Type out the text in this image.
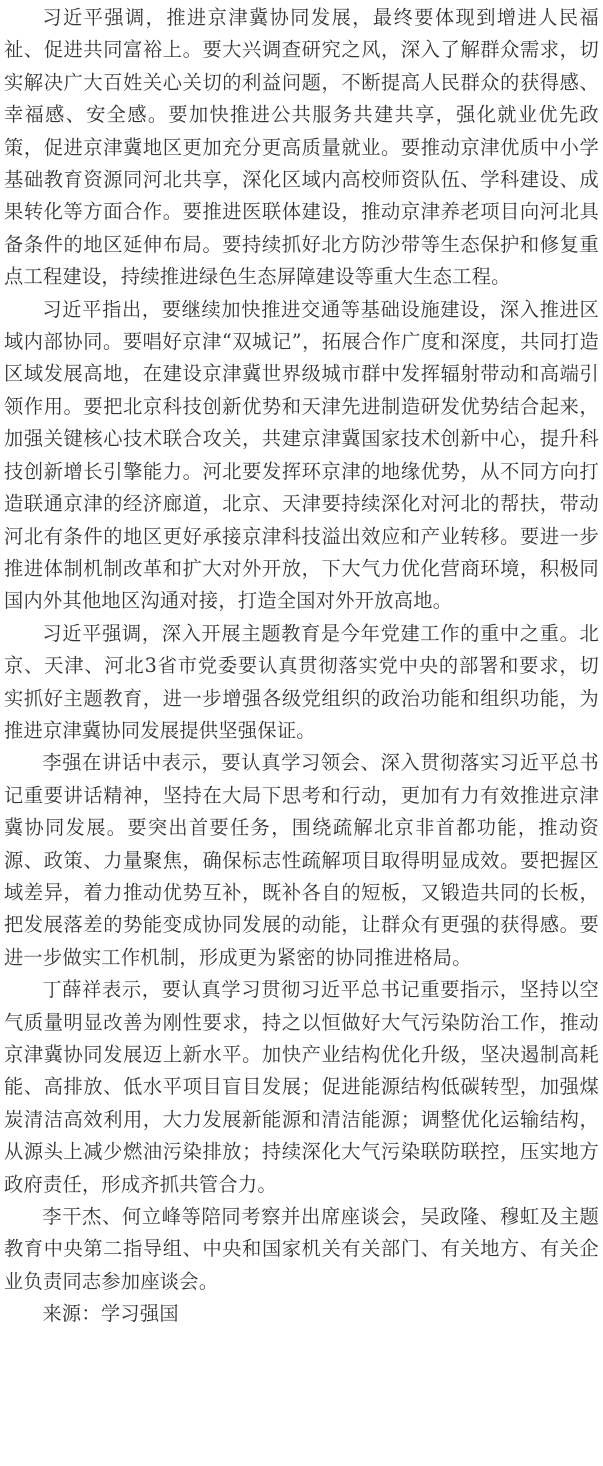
习近平强调，推进京津冀协同发展，最终要体现到增进人民福祉、促进共同富裕上。要大兴调查研究之风，深入了解群众需求，切实解决广大百姓关心关切的利益问题，不断提高人民群众的获得感、幸福感、安全感。要加快推进公共服务共建共享，强化就业优先政策，促进京津冀地区更加充分更高质量就业。要推动京津优质中小学基础教育资源同河北共享，深化区域内高校师资队伍、学科建设、成果转化等方面合作。要推进医联体建设，推动京津养老项目向河北具备条件的地区延伸布局。要持续抓好北方防沙带等生态保护和修复重点工程建设，持续推进绿色生态屏障建设等重大生态工程。

习近平指出，要继续加快推进交通等基础设施建设，深入推进区域内部协同。要唱好京津“双城记”，拓展合作广度和深度，共同打造区域发展高地，在建设京津冀世界级城市群中发挥辐射带动和高端引领作用。要把北京科技创新优势和天津先进制造研发优势结合起来，加强关键核心技术联合攻关，共建京津冀国家技术创新中心，提升科技创新增长引擎能力。河北要发挥环京津的地缘优势，从不同方向打造联通京津的经济廊道，北京、天津要持续深化对河北的帮扶，带动河北有条件的地区更好承接京津科技溢出效应和产业转移。要进一步推进体制机制改革和扩大对外开放，下大气力优化营商环境，积极同国内外其他地区沟通对接，打造全国对外开放高地。

习近平强调，深入开展主题教育是今年党建工作的重中之重。北京、天津、河北3省市党委要认真贯彻落实党中央的部署和要求，切实抓好主题教育，进一步增强各级党组织的政治功能和组织功能，为推进京津冀协同发展提供坚强保证。

李强在讲话中表示，要认真学习领会、深入贯彻落实习近平总书记重要讲话精神，坚持在大局下思考和行动，更加有力有效推进京津冀协同发展。要突出首要任务，围绕疏解北京非首都功能，推动资源、政策、力量聚焦，确保标志性疏解项目取得明显成效。要把握区域差异，着力推动优势互补，既补各自的短板，又锻造共同的长板，把发展落差的势能变成协同发展的动能，让群众有更强的获得感。要进一步做实工作机制，形成更为紧密的协同推进格局。

丁薛祥表示，要认真学习贯彻习近平总书记重要指示，坚持以空气质量明显改善为刚性要求，持之以恒做好大气污染防治工作，推动京津冀协同发展迈上新水平。加快产业结构优化升级，坚决遏制高耗能、高排放、低水平项目盲目发展；促进能源结构低碳转型，加强煤炭清洁高效利用，大力发展新能源和清洁能源；调整优化运输结构，从源头上减少燃油污染排放；持续深化大气污染联防联控，压实地方政府责任，形成齐抓共管合力。

李干杰、何立峰等陪同考察并出席座谈会，吴政隆、穆虹及主题教育中央第二指导组、中央和国家机关有关部门、有关地方、有关企业负责同志参加座谈会。

来源：学习强国
